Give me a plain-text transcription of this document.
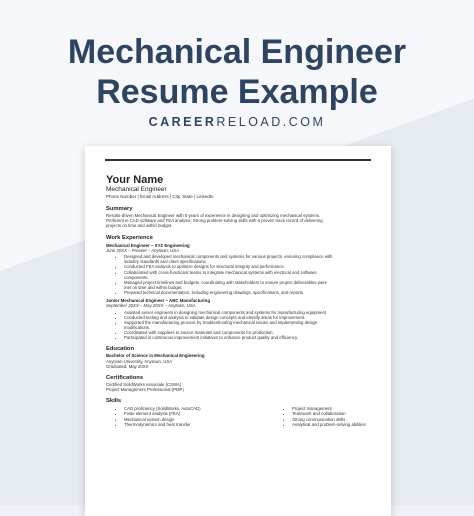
Mechanical Engineer
Resume Example
CAREERRELOAD.COM
Your Name
Mechanical Engineer
Phone Number | Email Address | City, State | LinkedIn
Summary
Results-driven Mechanical Engineer with 5 years of experience in designing and optimizing mechanical systems.
Proficient in CAD software and FEA analysis. Strong problem-solving skills with a proven track record of delivering
projects on time and within budget.
Work Experience
Mechanical Engineer – XYZ Engineering
June 20XX – Present – Anytown, USA
• Designed and developed mechanical components and systems for various projects, ensuring compliance with
industry standards and client specifications.
• Conducted FEA analysis to optimize designs for structural integrity and performance.
• Collaborated with cross-functional teams to integrate mechanical systems with electrical and software
components.
• Managed project timelines and budgets, coordinating with stakeholders to ensure project deliverables were
met on time and within budget.
• Prepared technical documentation, including engineering drawings, specifications, and reports.
Junior Mechanical Engineer – ABC Manufacturing
September 20XX – May 20XX – Anytown, USA
• Assisted senior engineers in designing mechanical components and systems for manufacturing equipment
• Conducted testing and analysis to validate design concepts and identify areas for improvement.
• Supported the manufacturing process by troubleshooting mechanical issues and implementing design
modifications.
• Coordinated with suppliers to source materials and components for production.
• Participated in continuous improvement initiatives to enhance product quality and efficiency.
Education
Bachelor of Science in Mechanical Engineering
Anytown University, Anytown, USA
Graduated: May 20XX
Certifications
Certified SolidWorks Associate (CSWA)
Project Management Professional (PMP)
Skills
• CAD proficiency (SolidWorks, AutoCAD)
• Finite element analysis (FEA)
• Mechanical system design
• Thermodynamics and heat transfer
• Project management
• Teamwork and collaboration
• Strong communication skills
• Analytical and problem-solving abilities
